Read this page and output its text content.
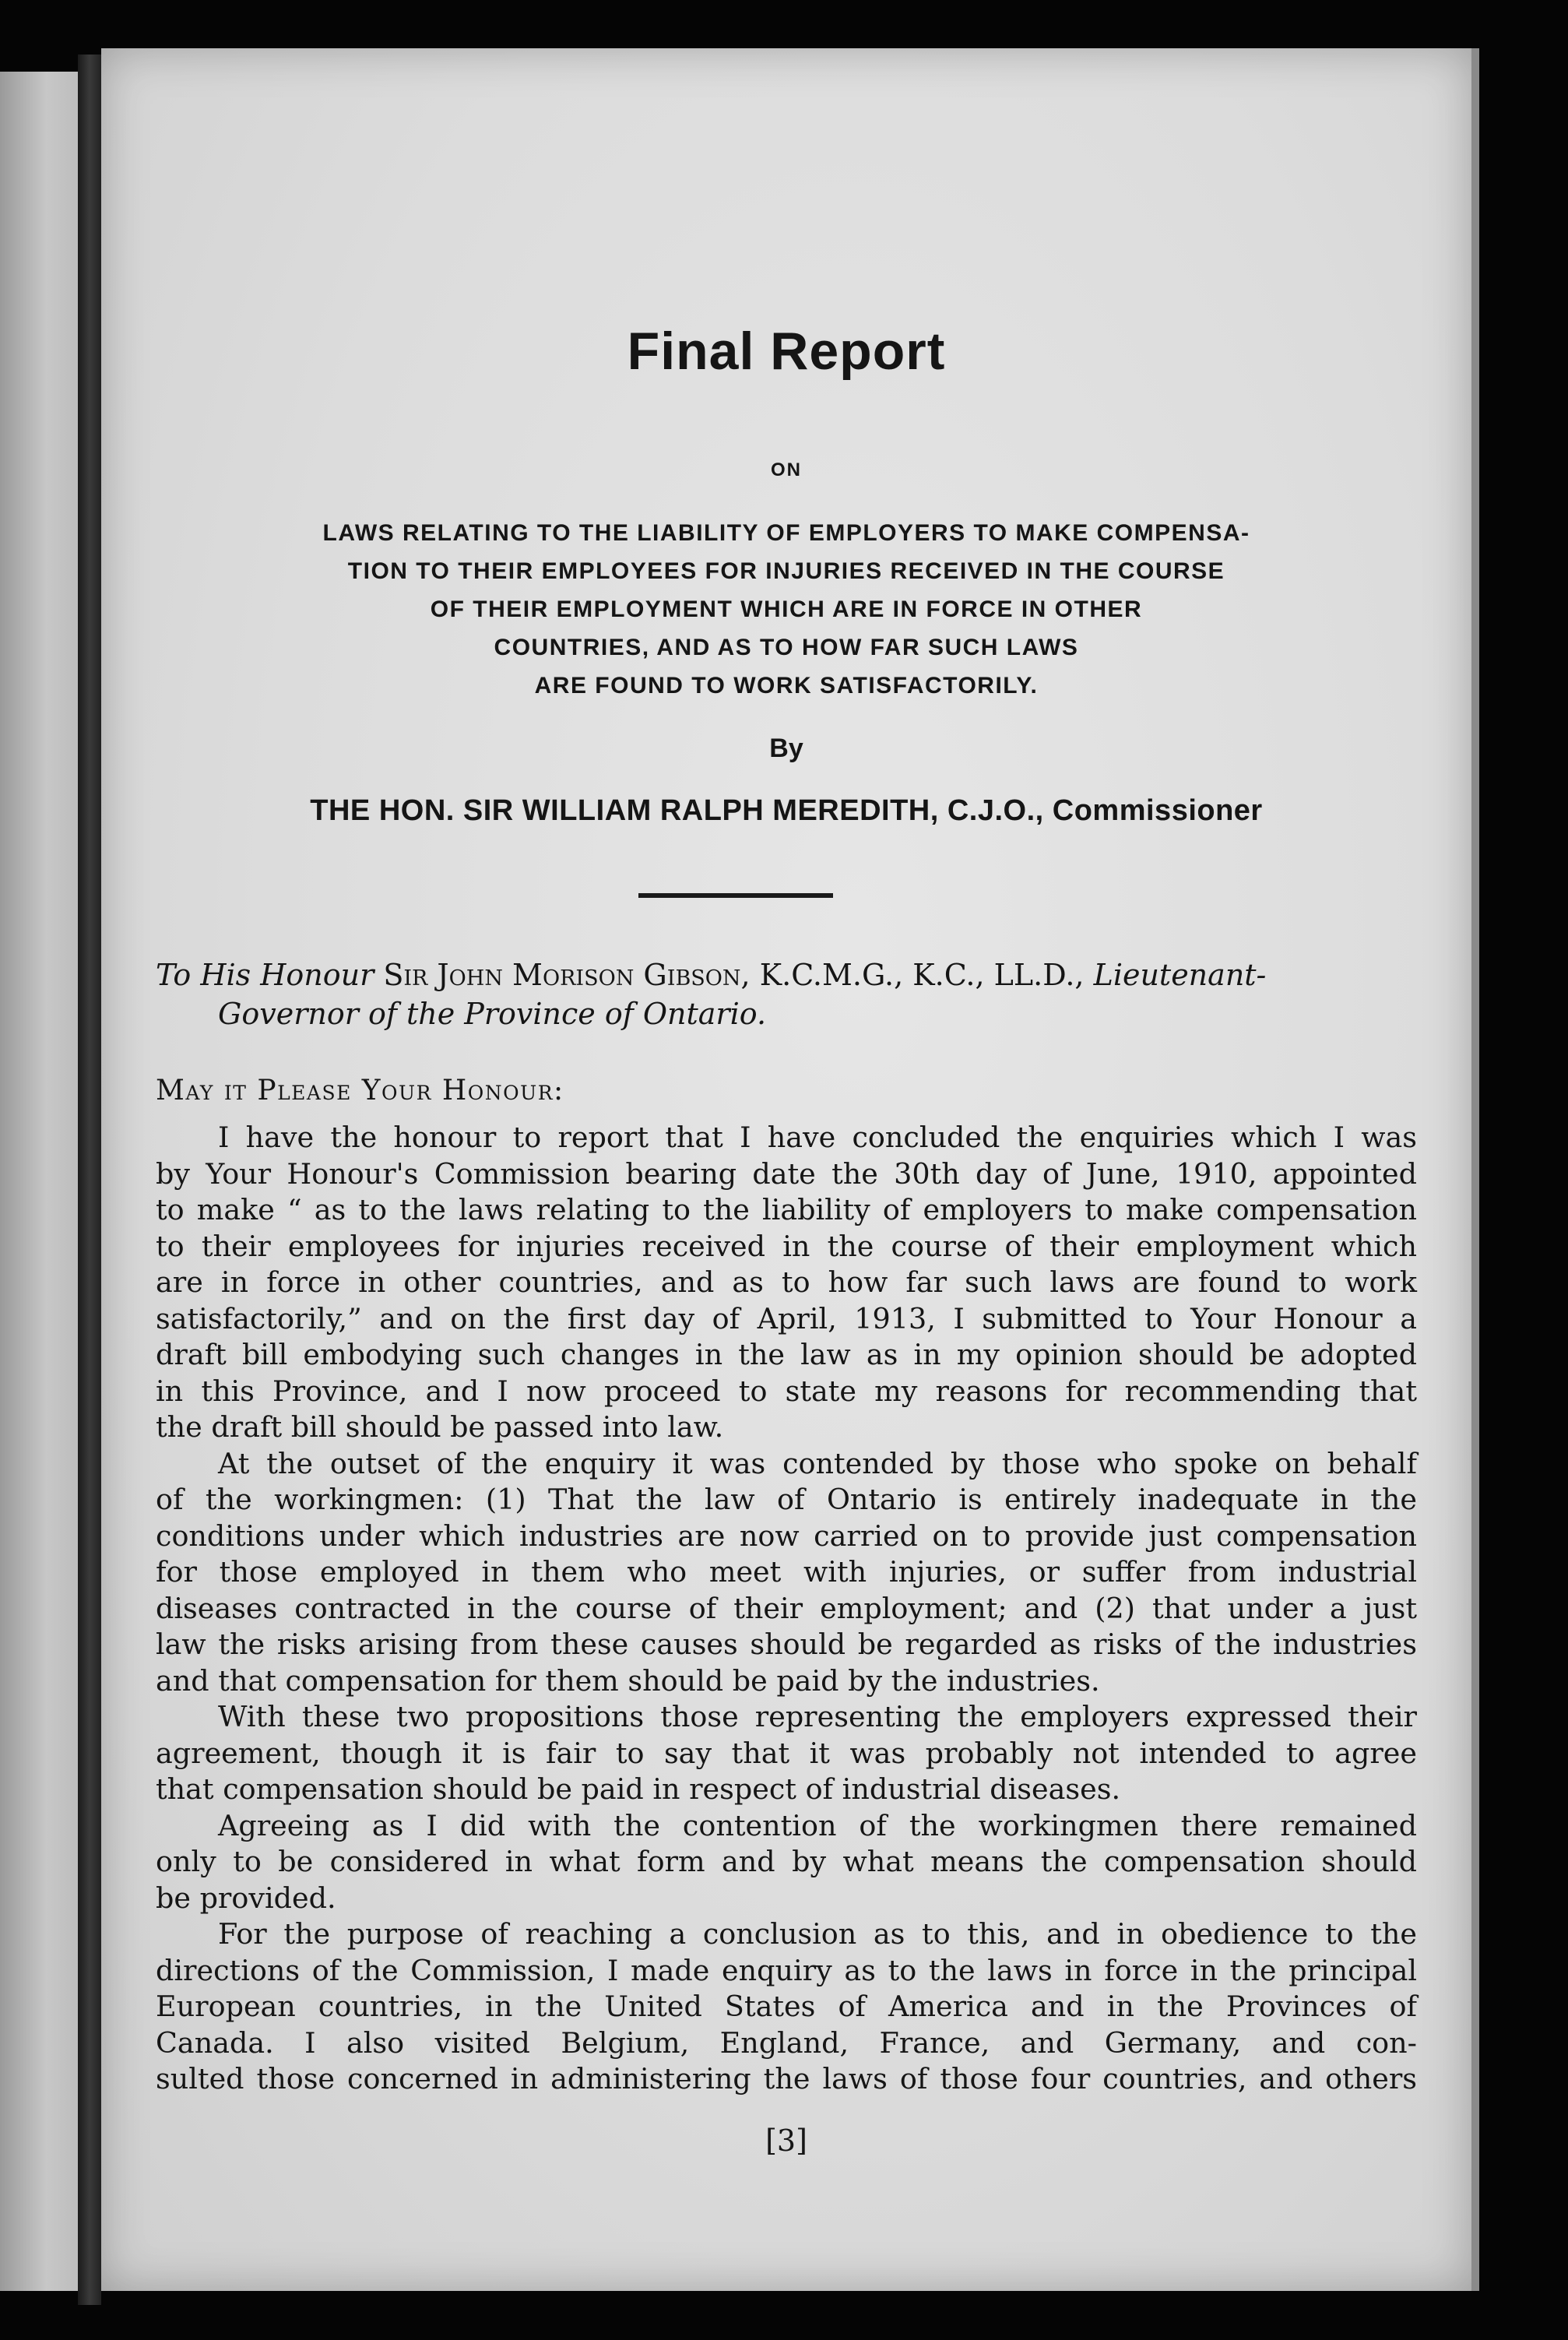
Final Report
ON
LAWS RELATING TO THE LIABILITY OF EMPLOYERS TO MAKE COMPENSA-
TION TO THEIR EMPLOYEES FOR INJURIES RECEIVED IN THE COURSE
OF THEIR EMPLOYMENT WHICH ARE IN FORCE IN OTHER
COUNTRIES, AND AS TO HOW FAR SUCH LAWS
ARE FOUND TO WORK SATISFACTORILY.
By
THE HON. SIR WILLIAM RALPH MEREDITH, C.J.O., Commissioner
To His Honour Sir John Morison Gibson, K.C.M.G., K.C., LL.D., Lieutenant-
Governor of the Province of Ontario.
May it Please Your Honour:
I have the honour to report that I have concluded the enquiries which I was
by Your Honour's Commission bearing date the 30th day of June, 1910, appointed
to make “ as to the laws relating to the liability of employers to make compensation
to their employees for injuries received in the course of their employment which
are in force in other countries, and as to how far such laws are found to work
satisfactorily,” and on the first day of April, 1913, I submitted to Your Honour a
draft bill embodying such changes in the law as in my opinion should be adopted
in this Province, and I now proceed to state my reasons for recommending that
the draft bill should be passed into law.
At the outset of the enquiry it was contended by those who spoke on behalf
of the workingmen: (1) That the law of Ontario is entirely inadequate in the
conditions under which industries are now carried on to provide just compensation
for those employed in them who meet with injuries, or suffer from industrial
diseases contracted in the course of their employment; and (2) that under a just
law the risks arising from these causes should be regarded as risks of the industries
and that compensation for them should be paid by the industries.
With these two propositions those representing the employers expressed their
agreement, though it is fair to say that it was probably not intended to agree
that compensation should be paid in respect of industrial diseases.
Agreeing as I did with the contention of the workingmen there remained
only to be considered in what form and by what means the compensation should
be provided.
For the purpose of reaching a conclusion as to this, and in obedience to the
directions of the Commission, I made enquiry as to the laws in force in the principal
European countries, in the United States of America and in the Provinces of
Canada. I also visited Belgium, England, France, and Germany, and con-
sulted those concerned in administering the laws of those four countries, and others
[3]
